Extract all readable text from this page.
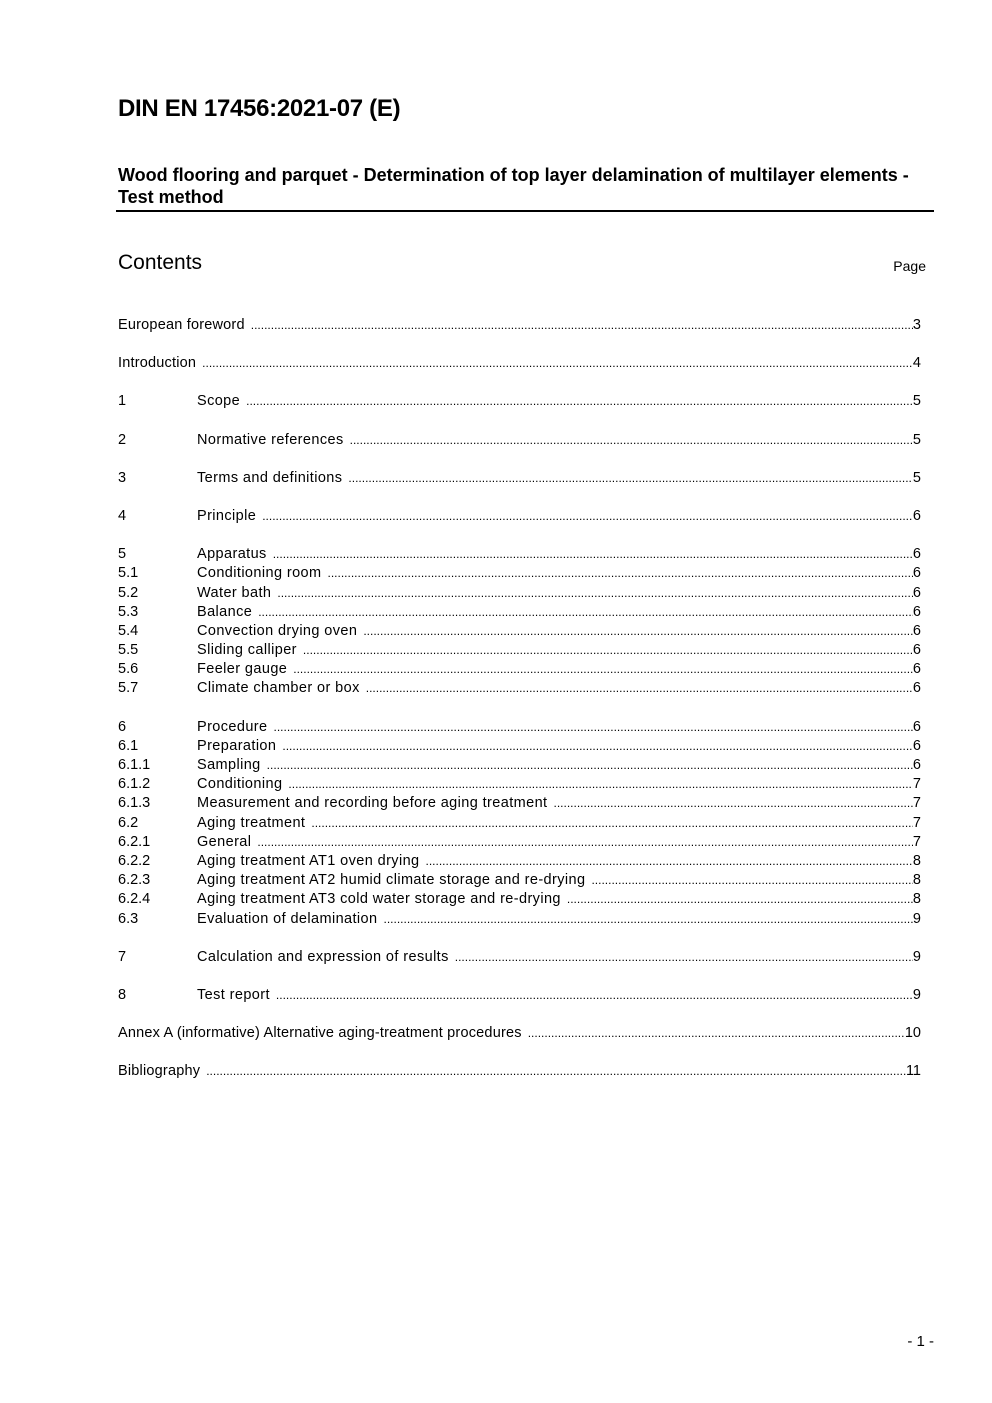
DIN EN 17456:2021-07 (E)
Wood flooring and parquet - Determination of top layer delamination of multilayer elements - Test method
Contents	Page
European foreword .....	3
Introduction .....	4
1	Scope .....	5
2	Normative references .....	5
3	Terms and definitions .....	5
4	Principle .....	6
5	Apparatus .....	6
5.1	Conditioning room .....	6
5.2	Water bath .....	6
5.3	Balance .....	6
5.4	Convection drying oven .....	6
5.5	Sliding calliper .....	6
5.6	Feeler gauge .....	6
5.7	Climate chamber or box .....	6
6	Procedure .....	6
6.1	Preparation .....	6
6.1.1	Sampling .....	6
6.1.2	Conditioning .....	7
6.1.3	Measurement and recording before aging treatment .....	7
6.2	Aging treatment .....	7
6.2.1	General .....	7
6.2.2	Aging treatment AT1 oven drying .....	8
6.2.3	Aging treatment AT2 humid climate storage and re-drying .....	8
6.2.4	Aging treatment AT3 cold water storage and re-drying .....	8
6.3	Evaluation of delamination .....	9
7	Calculation and expression of results .....	9
8	Test report .....	9
Annex A (informative) Alternative aging-treatment procedures .....	10
Bibliography .....	11
- 1 -
